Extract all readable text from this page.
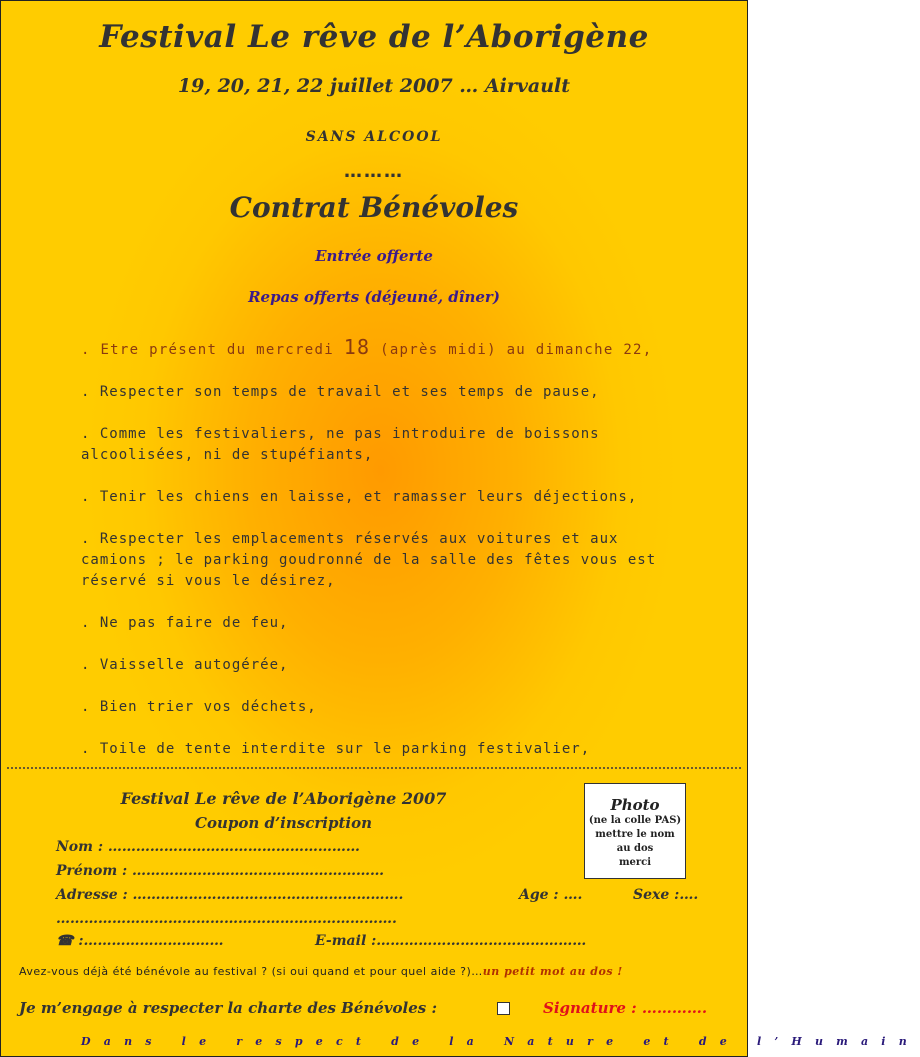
Festival Le rêve de l’Aborigène
19, 20, 21, 22 juillet 2007 … Airvault
SANS ALCOOL
………
Contrat Bénévoles
Entrée offerte
Repas offerts (déjeuné, dîner)
. Etre présent du mercredi 18 (après midi) au dimanche 22,
. Respecter son temps de travail et ses temps de pause,
. Comme les festivaliers, ne pas introduire de boissons alcoolisées, ni de stupéfiants,
. Tenir les chiens en laisse, et ramasser leurs déjections,
. Respecter les emplacements réservés aux voitures et aux camions ; le parking goudronné de la salle des fêtes vous est réservé si vous le désirez,
. Ne pas faire de feu,
. Vaisselle autogérée,
. Bien trier vos déchets,
. Toile de tente interdite sur le parking festivalier,
Festival Le rêve de l’Aborigène 2007
Coupon d’inscription
Photo
(ne la colle PAS)
mettre le nom
au dos
merci
Nom : ………………………………………………
Prénom : ………………………………………………
Adresse : ………………………………………………….	Age : ….	Sexe :….
……………………………………………………………….
☎ :…………………………	E-mail :………………………………………
Avez-vous déjà été bénévole au festival ? (si oui quand et pour quel aide ?)…un petit mot au dos !
Je m’engage à respecter la charte des Bénévoles :	Signature : ………….
Dans le respect de la Nature et de l’Humain
